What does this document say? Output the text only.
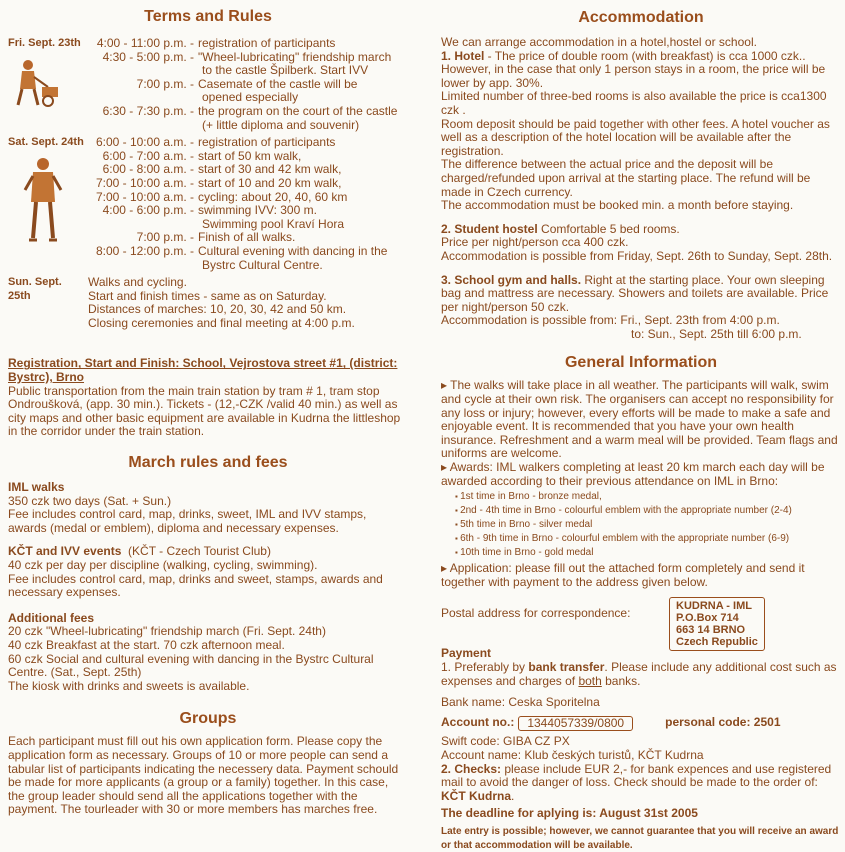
Terms and Rules
Fri. Sept. 23th	4:00 - 11:00 p.m. - registration of participants
4:30 - 5:00 p.m. - "Wheel-lubricating" friendship march
to the castle Špilberk. Start IVV
7:00 p.m. - Casemate of the castle will be
opened especially
6:30 - 7:30 p.m. - the program on the court of the castle
(+ little diploma and souvenir)
Sat. Sept. 24th	6:00 - 10:00 a.m. - registration of participants
6:00 - 7:00 a.m. - start of 50 km walk,
6:00 - 8:00 a.m. - start of 30 and 42 km walk,
7:00 - 10:00 a.m. - start of 10 and 20 km walk,
7:00 - 10:00 a.m. - cycling: about 20, 40, 60 km
4:00 - 6:00 p.m. - swimming IVV: 300 m.
Swimming pool Kraví Hora
7:00 p.m. - Finish of all walks.
8:00 - 12:00 p.m. - Cultural evening with dancing in the
Bystrc Cultural Centre.
Sun. Sept. 25th
Walks and cycling.
Start and finish times - same as on Saturday.
Distances of marches: 10, 20, 30, 42 and 50 km.
Closing ceremonies and final meeting at 4:00 p.m.

Registration, Start and Finish: School, Vejrostova street #1, (district: Bystrc), Brno

Public transportation from the main train station by tram # 1, tram stop Ondroušková, (app. 30 min.). Tickets - (12,-CZK /valid 40 min.) as well as city maps and other basic equipment are available in Kudrna the littleshop in the corridor under the train station.

March rules and fees

IML walks

350 czk two days (Sat. + Sun.)

Fee includes control card, map, drinks, sweet, IML and IVV stamps, awards (medal or emblem), diploma and necessary expenses.

KČT and IVV events (KČT - Czech Tourist Club)

40 czk per day per discipline (walking, cycling, swimming).

Fee includes control card, map, drinks and sweet, stamps, awards and necessary expenses.

Additional fees

20 czk "Wheel-lubricating" friendship march (Fri. Sept. 24th)

40 czk Breakfast at the start. 70 czk afternoon meal.

60 czk Social and cultural evening with dancing in the Bystrc Cultural Centre. (Sat., Sept. 25th)

The kiosk with drinks and sweets is available.

Groups

Each participant must fill out his own application form. Please copy the application form as necessary. Groups of 10 or more people can send a tabular list of participants indicating the necessery data. Payment schould be made for more applicants (a group or a family) together. In this case, the group leader should send all the applications together with the payment. The tourleader with 30 or more members has marches free.

Accommodation

We can arrange accommodation in a hotel,hostel or school.

1. Hotel - The price of double room (with breakfast) is cca 1000 czk.. However, in the case that only 1 person stays in a room, the price will be lower by app. 30%.

Limited number of three-bed rooms is also available the price is cca1300 czk .

Room deposit should be paid together with other fees. A hotel voucher as well as a description of the hotel location will be available after the registration.

The difference between the actual price and the deposit will be charged/refunded upon arrival at the starting place. The refund will be made in Czech currency.

The accommodation must be booked min. a month before staying.

2. Student hostel Comfortable 5 bed rooms.

Price per night/person cca 400 czk.

Accommodation is possible from Friday, Sept. 26th to Sunday, Sept. 28th.

3. School gym and halls. Right at the starting place. Your own sleeping bag and mattress are necessary. Showers and toilets are available. Price per night/person 50 czk.

Accommodation is possible from: Fri., Sept. 23th from 4:00 p.m.

to: Sun., Sept. 25th till 6:00 p.m.

General Information

▸ The walks will take place in all weather. The participants will walk, swim and cycle at their own risk. The organisers can accept no responsibility for any loss or injury; however, every efforts will be made to make a safe and enjoyable event. It is recommended that you have your own health insurance. Refreshment and a warm meal will be provided. Team flags and uniforms are welcome.

▸ Awards: IML walkers completing at least 20 km march each day will be awarded according to their previous attendance on IML in Brno:

▪ 1st time in Brno - bronze medal,
▪ 2nd - 4th time in Brno - colourful emblem with the appropriate number (2-4)
▪ 5th time in Brno - silver medal
▪ 6th - 9th time in Brno - colourful emblem with the appropriate number (6-9)
▪ 10th time in Brno - gold medal

▸ Application: please fill out the attached form completely and send it together with payment to the address given below.

Postal address for correspondence:	KUDRNA - IML
P.O.Box 714
663 14 BRNO
Czech Republic

Payment

1. Preferably by bank transfer. Please include any additional cost such as expenses and charges of both banks.

Bank name: Ceska Sporitelna

Account no.:	1344057339/0800	personal code: 2501

Swift code: GIBA CZ PX

Account name: Klub českých turistů, KČT Kudrna

2. Checks: please include EUR 2,- for bank expences and use registered mail to avoid the danger of loss. Check should be made to the order of: KČT Kudrna.

The deadline for aplying is: August 31st 2005

Late entry is possible; however, we cannot guarantee that you will receive an award or that accommodation will be available.
